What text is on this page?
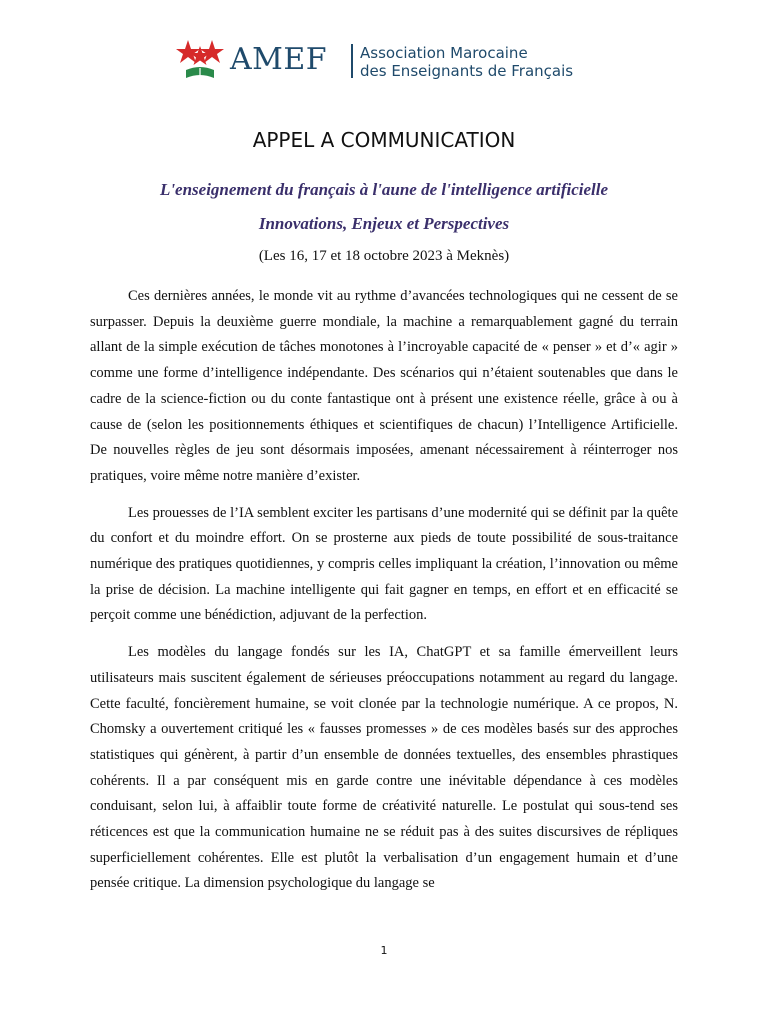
AMEF Association Marocaine
des Enseignants de Français
APPEL A COMMUNICATION
L'enseignement du français à l'aune de l'intelligence artificielle
Innovations, Enjeux et Perspectives
(Les 16, 17 et 18 octobre 2023 à Meknès)

Ces dernières années, le monde vit au rythme d’avancées technologiques qui ne cessent de se surpasser. Depuis la deuxième guerre mondiale, la machine a remarquablement gagné du terrain allant de la simple exécution de tâches monotones à l’incroyable capacité de « penser » et d’« agir » comme une forme d’intelligence indépendante. Des scénarios qui n’étaient soutenables que dans le cadre de la science-fiction ou du conte fantastique ont à présent une existence réelle, grâce à ou à cause de (selon les positionnements éthiques et scientifiques de chacun) l’Intelligence Artificielle. De nouvelles règles de jeu sont désormais imposées, amenant nécessairement à réinterroger nos pratiques, voire même notre manière d’exister.

Les prouesses de l’IA semblent exciter les partisans d’une modernité qui se définit par la quête du confort et du moindre effort. On se prosterne aux pieds de toute possibilité de sous-traitance numérique des pratiques quotidiennes, y compris celles impliquant la création, l’innovation ou même la prise de décision. La machine intelligente qui fait gagner en temps, en effort et en efficacité se perçoit comme une bénédiction, adjuvant de la perfection.

Les modèles du langage fondés sur les IA, ChatGPT et sa famille émerveillent leurs utilisateurs mais suscitent également de sérieuses préoccupations notamment au regard du langage. Cette faculté, foncièrement humaine, se voit clonée par la technologie numérique. A ce propos, N. Chomsky a ouvertement critiqué les « fausses promesses » de ces modèles basés sur des approches statistiques qui génèrent, à partir d’un ensemble de données textuelles, des ensembles phrastiques cohérents. Il a par conséquent mis en garde contre une inévitable dépendance à ces modèles conduisant, selon lui, à affaiblir toute forme de créativité naturelle. Le postulat qui sous-tend ses réticences est que la communication humaine ne se réduit pas à des suites discursives de répliques superficiellement cohérentes. Elle est plutôt la verbalisation d’un engagement humain et d’une pensée critique. La dimension psychologique du langage se

1
